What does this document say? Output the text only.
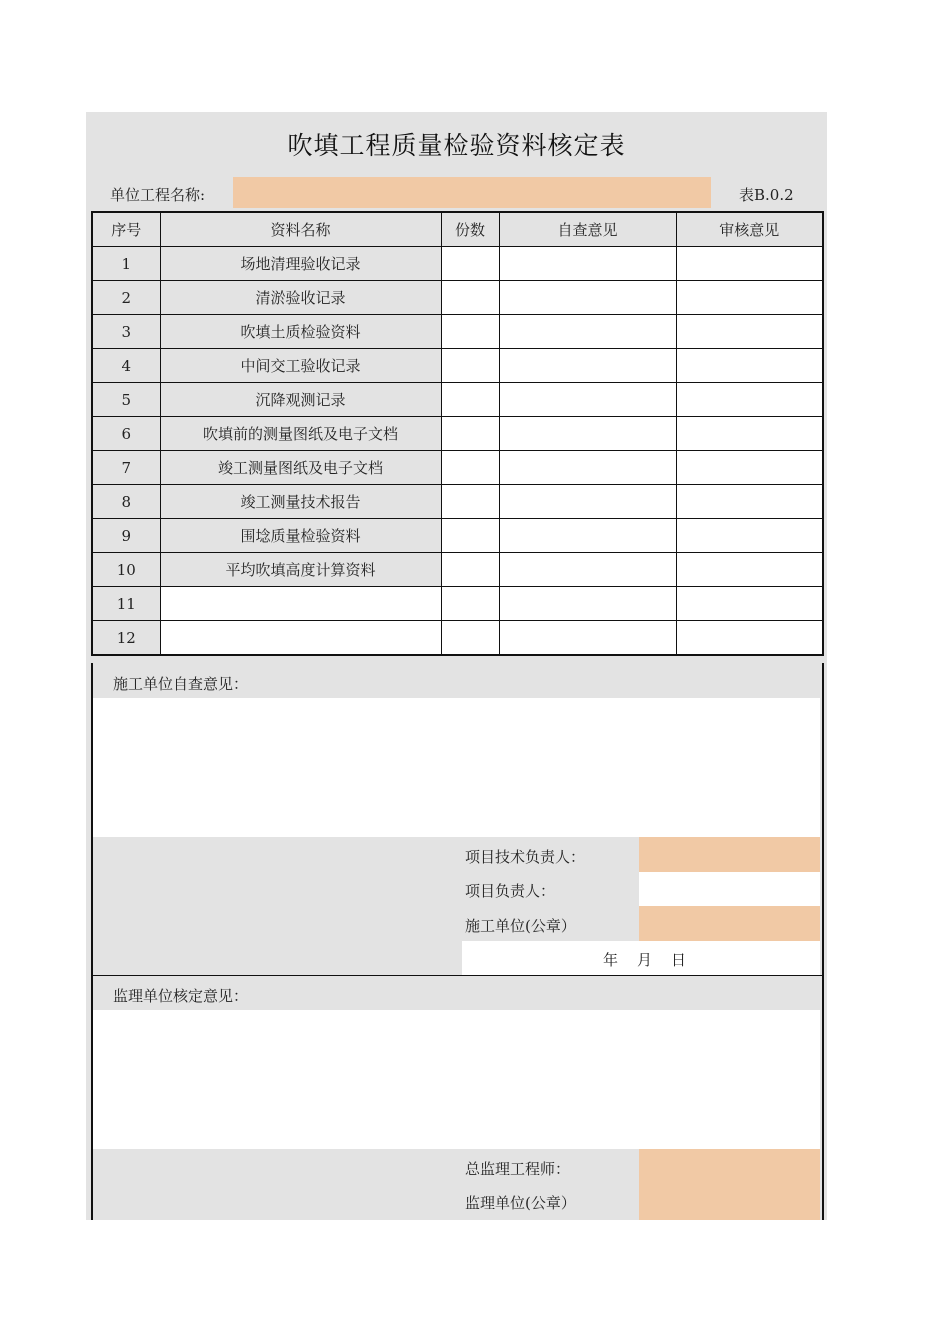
吹填工程质量检验资料核定表
单位工程名称:	表B.0.2
序号	资料名称	份数	自查意见	审核意见
1	场地清理验收记录			
2	清淤验收记录			
3	吹填土质检验资料			
4	中间交工验收记录			
5	沉降观测记录			
6	吹填前的测量图纸及电子文档			
7	竣工测量图纸及电子文档			
8	竣工测量技术报告			
9	围埝质量检验资料			
10	平均吹填高度计算资料			
11				
12				
施工单位自查意见：
项目技术负责人：
项目负责人：
施工单位(公章）
年　月　日
监理单位核定意见：
总监理工程师：
监理单位(公章）
